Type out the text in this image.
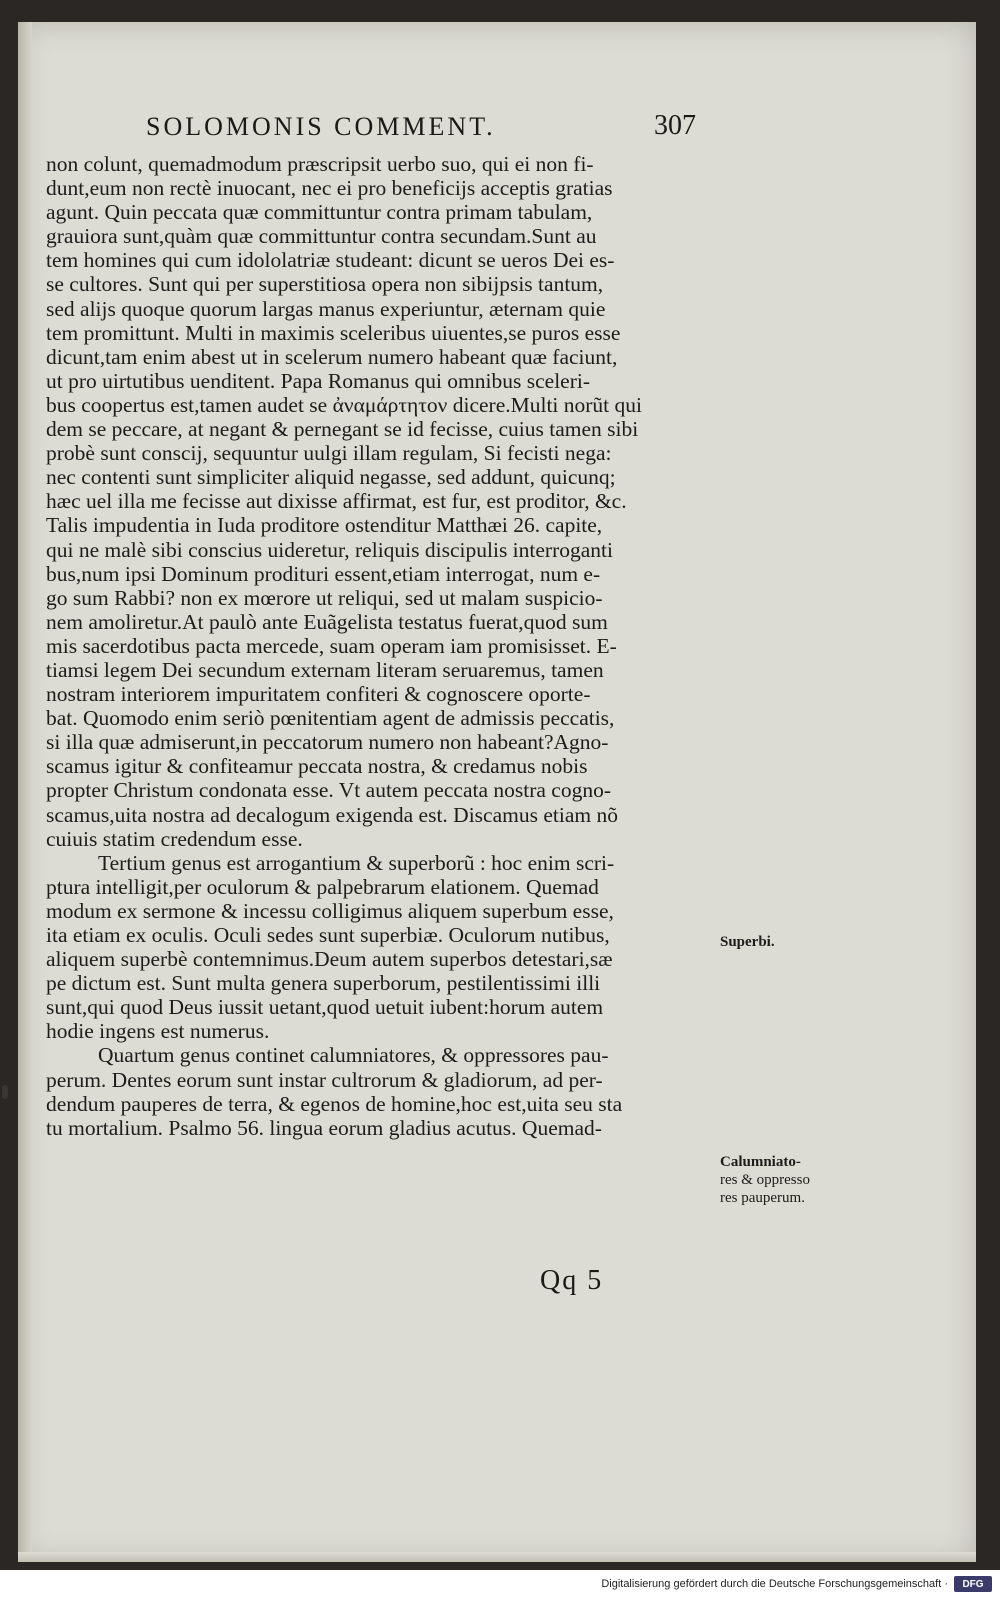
SOLOMONIS COMMENT.	307
non colunt, quemadmodum præscripsit uerbo suo, qui ei non fi-
dunt,eum non rectè inuocant, nec ei pro beneficijs acceptis gratias
agunt. Quin peccata quæ committuntur contra primam tabulam,
grauiora sunt,quàm quæ committuntur contra secundam.Sunt au
tem homines qui cum idololatriæ studeant: dicunt se ueros Dei es-
se cultores. Sunt qui per superstitiosa opera non sibijpsis tantum,
sed alijs quoque quorum largas manus experiuntur, æternam quie
tem promittunt. Multi in maximis sceleribus uiuentes,se puros esse
dicunt,tam enim abest ut in scelerum numero habeant quæ faciunt,
ut pro uirtutibus uenditent. Papa Romanus qui omnibus sceleri-
bus coopertus est,tamen audet se ἀναμάρτητον dicere.Multi norũt qui
dem se peccare, at negant & pernegant se id fecisse, cuius tamen sibi
probè sunt conscij, sequuntur uulgi illam regulam, Si fecisti nega:
nec contenti sunt simpliciter aliquid negasse, sed addunt, quicunq;
hæc uel illa me fecisse aut dixisse affirmat, est fur, est proditor, &c.
Talis impudentia in Iuda proditore ostenditur Matthæi 26. capite,
qui ne malè sibi conscius uideretur, reliquis discipulis interroganti
bus,num ipsi Dominum prodituri essent,etiam interrogat, num e-
go sum Rabbi? non ex mœrore ut reliqui, sed ut malam suspicio-
nem amoliretur.At paulò ante Euãgelista testatus fuerat,quod sum
mis sacerdotibus pacta mercede, suam operam iam promisisset. E-
tiamsi legem Dei secundum externam literam seruaremus, tamen
nostram interiorem impuritatem confiteri & cognoscere oporte-
bat. Quomodo enim seriò pœnitentiam agent de admissis peccatis,
si illa quæ admiserunt,in peccatorum numero non habeant?Agno-
scamus igitur & confiteamur peccata nostra, & credamus nobis
propter Christum condonata esse. Vt autem peccata nostra cogno-
scamus,uita nostra ad decalogum exigenda est. Discamus etiam nõ
cuiuis statim credendum esse.
Tertium genus est arrogantium & superborũ : hoc enim scri-
ptura intelligit,per oculorum & palpebrarum elationem. Quemad
modum ex sermone & incessu colligimus aliquem superbum esse,
ita etiam ex oculis. Oculi sedes sunt superbiæ. Oculorum nutibus,
aliquem superbè contemnimus.Deum autem superbos detestari,sæ
pe dictum est. Sunt multa genera superborum, pestilentissimi illi
sunt,qui quod Deus iussit uetant,quod uetuit iubent:horum autem
hodie ingens est numerus.
Quartum genus continet calumniatores, & oppressores pau-
perum. Dentes eorum sunt instar cultrorum & gladiorum, ad per-
dendum pauperes de terra, & egenos de homine,hoc est,uita seu sta
tu mortalium. Psalmo 56. lingua eorum gladius acutus. Quemad-
Superbi.
Calumniato-
res & oppresso
res pauperum.
Qq 5
Digitalisierung gefördert durch die Deutsche Forschungsgemeinschaft ·	DFG
